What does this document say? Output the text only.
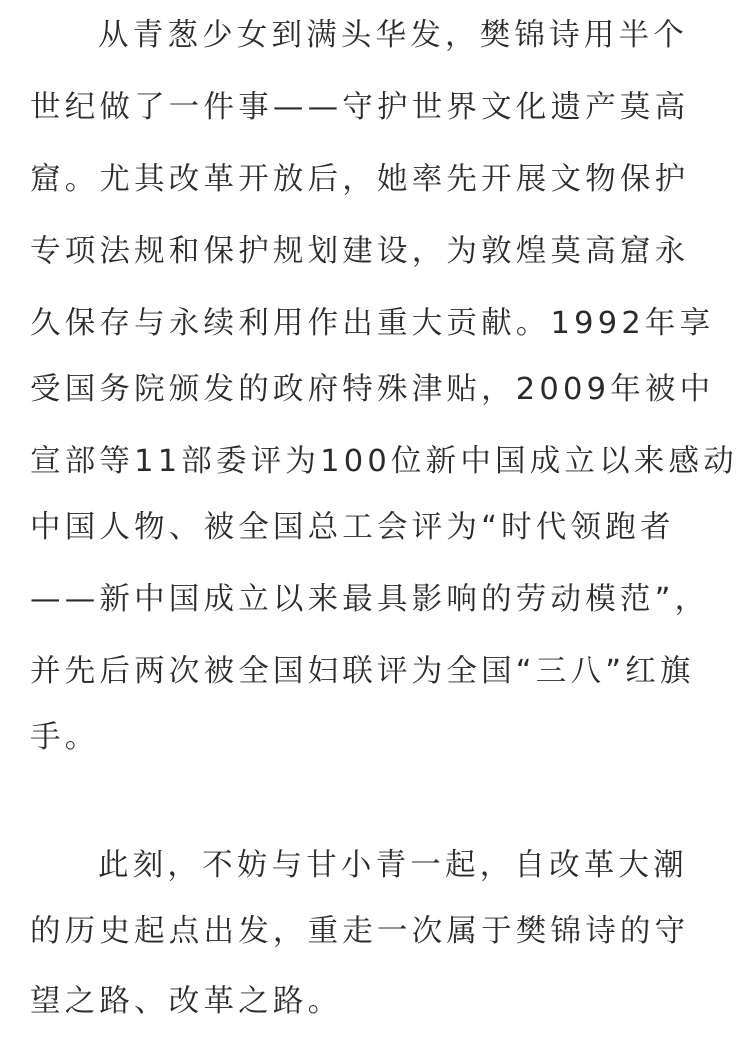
从青葱少女到满头华发，樊锦诗用半个
世纪做了一件事——守护世界文化遗产莫高
窟。尤其改革开放后，她率先开展文物保护
专项法规和保护规划建设，为敦煌莫高窟永
久保存与永续利用作出重大贡献。1992年享
受国务院颁发的政府特殊津贴，2009年被中
宣部等11部委评为100位新中国成立以来感动
中国人物、被全国总工会评为“时代领跑者
——新中国成立以来最具影响的劳动模范”，
并先后两次被全国妇联评为全国“三八”红旗
手。
此刻，不妨与甘小青一起，自改革大潮
的历史起点出发，重走一次属于樊锦诗的守
望之路、改革之路。
